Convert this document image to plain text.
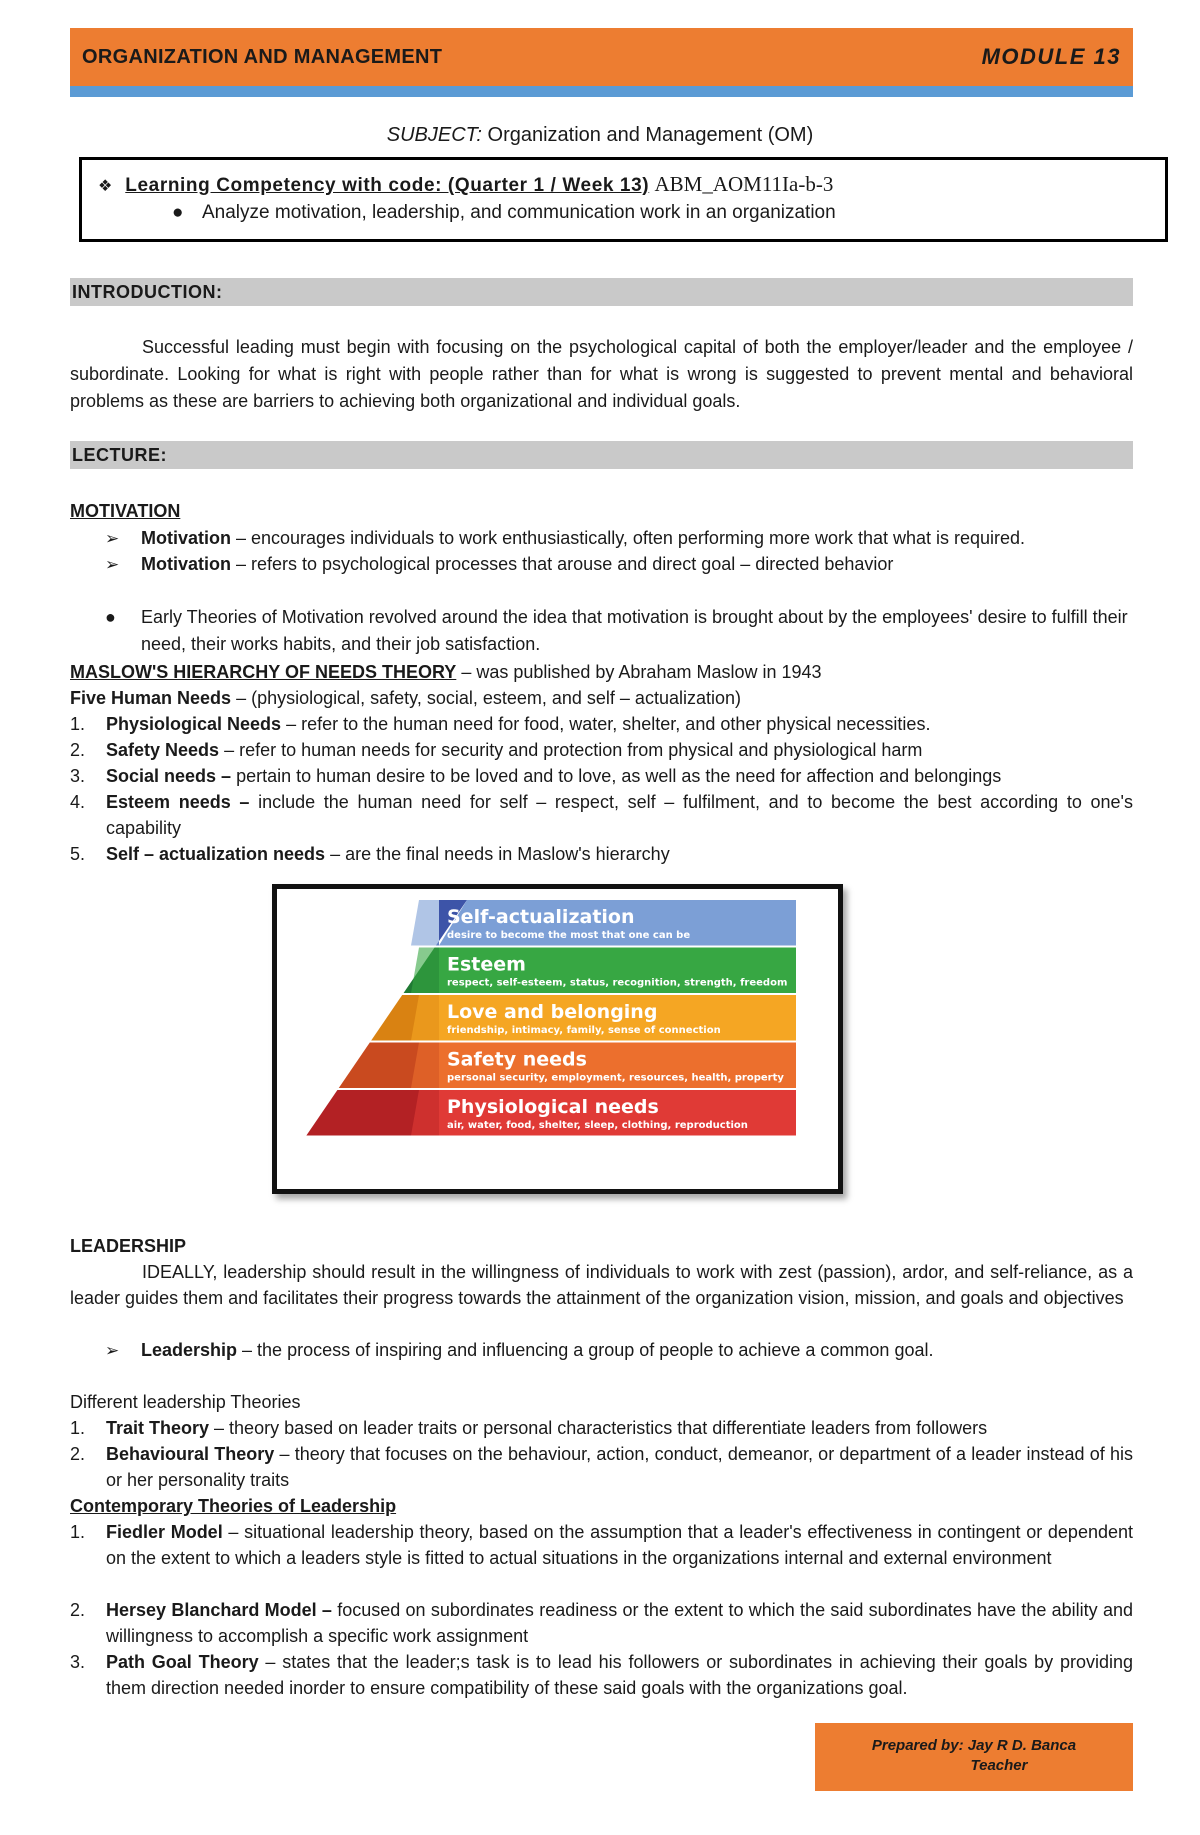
ORGANIZATION AND MANAGEMENT	MODULE 13
SUBJECT: Organization and Management (OM)
❖ Learning Competency with code: (Quarter 1 / Week 13) ABM_AOM11Ia-b-3
● Analyze motivation, leadership, and communication work in an organization
INTRODUCTION:
Successful leading must begin with focusing on the psychological capital of both the employer/leader and the employee / subordinate. Looking for what is right with people rather than for what is wrong is suggested to prevent mental and behavioral problems as these are barriers to achieving both organizational and individual goals.
LECTURE:
MOTIVATION
➢ Motivation – encourages individuals to work enthusiastically, often performing more work that what is required.
➢ Motivation – refers to psychological processes that arouse and direct goal – directed behavior
● Early Theories of Motivation revolved around the idea that motivation is brought about by the employees' desire to fulfill their need, their works habits, and their job satisfaction.
MASLOW'S HIERARCHY OF NEEDS THEORY – was published by Abraham Maslow in 1943
Five Human Needs – (physiological, safety, social, esteem, and self – actualization)
1.	Physiological Needs – refer to the human need for food, water, shelter, and other physical necessities.
2.	Safety Needs – refer to human needs for security and protection from physical and physiological harm
3.	Social needs – pertain to human desire to be loved and to love, as well as the need for affection and belongings
4.	Esteem needs – include the human need for self – respect, self – fulfilment, and to become the best according to one's capability
5.	Self – actualization needs – are the final needs in Maslow's hierarchy
Self-actualization
desire to become the most that one can be
Esteem
respect, self-esteem, status, recognition, strength, freedom
Love and belonging
friendship, intimacy, family, sense of connection
Safety needs
personal security, employment, resources, health, property
Physiological needs
air, water, food, shelter, sleep, clothing, reproduction
LEADERSHIP
IDEALLY, leadership should result in the willingness of individuals to work with zest (passion), ardor, and self-reliance, as a leader guides them and facilitates their progress towards the attainment of the organization vision, mission, and goals and objectives
➢ Leadership – the process of inspiring and influencing a group of people to achieve a common goal.
Different leadership Theories
1.	Trait Theory – theory based on leader traits or personal characteristics that differentiate leaders from followers
2.	Behavioural Theory – theory that focuses on the behaviour, action, conduct, demeanor, or department of a leader instead of his or her personality traits
Contemporary Theories of Leadership
1.	Fiedler Model – situational leadership theory, based on the assumption that a leader's effectiveness in contingent or dependent on the extent to which a leaders style is fitted to actual situations in the organizations internal and external environment
2.	Hersey Blanchard Model – focused on subordinates readiness or the extent to which the said subordinates have the ability and willingness to accomplish a specific work assignment
3.	Path Goal Theory – states that the leader;s task is to lead his followers or subordinates in achieving their goals by providing them direction needed inorder to ensure compatibility of these said goals with the organizations goal.
Prepared by: Jay R D. Banca
Teacher
